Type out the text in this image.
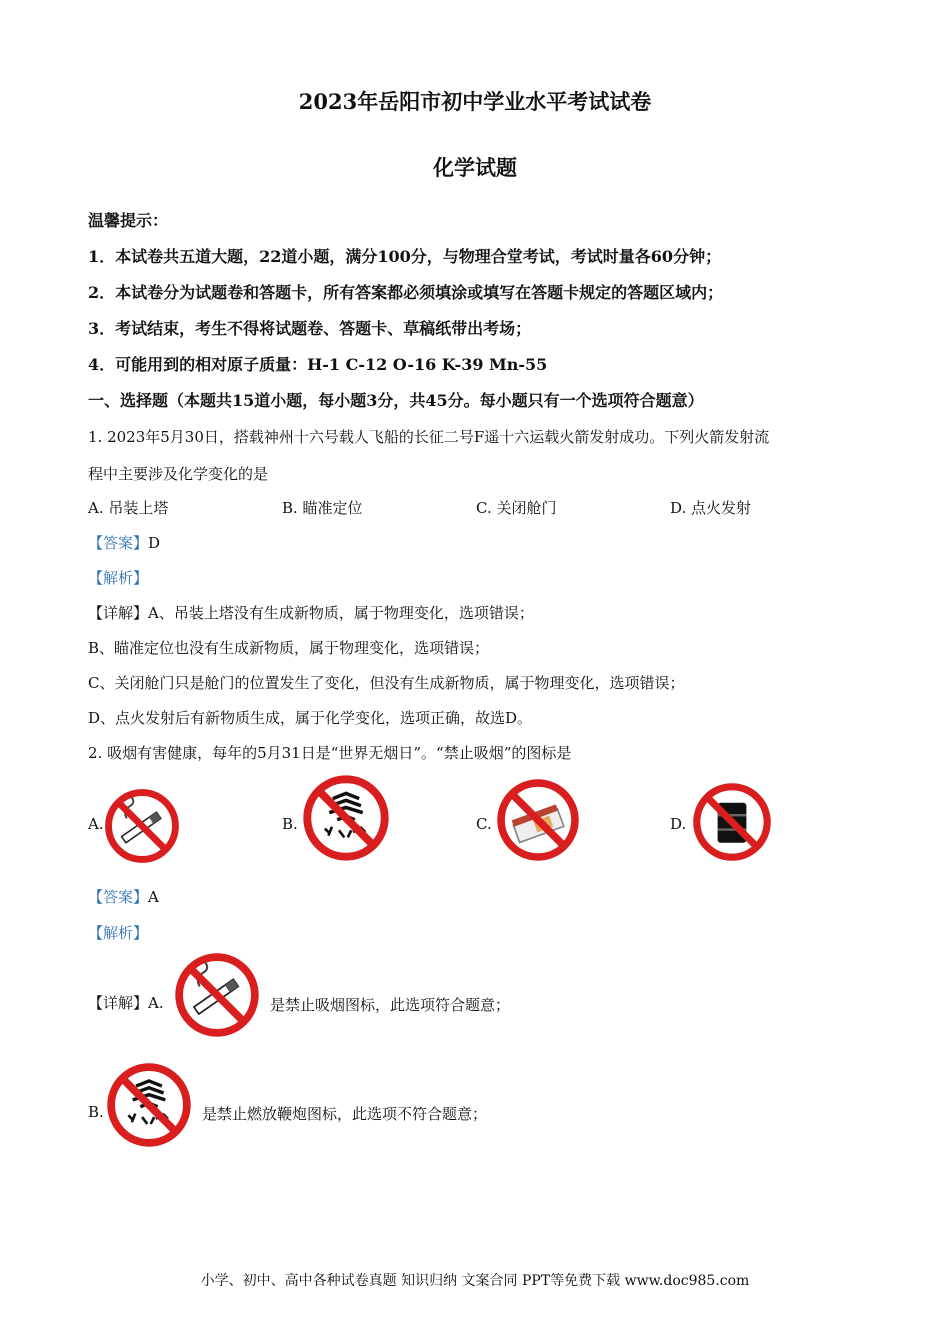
2023年岳阳市初中学业水平考试试卷
化学试题
温馨提示：
1．本试卷共五道大题，22道小题，满分100分，与物理合堂考试，考试时量各60分钟；
2．本试卷分为试题卷和答题卡，所有答案都必须填涂或填写在答题卡规定的答题区域内；
3．考试结束，考生不得将试题卷、答题卡、草稿纸带出考场；
4．可能用到的相对原子质量：H-1 C-12 O-16 K-39 Mn-55
一、选择题（本题共15道小题，每小题3分，共45分。每小题只有一个选项符合题意）
1. 2023年5月30日，搭载神州十六号载人飞船的长征二号F遥十六运载火箭发射成功。下列火箭发射流
程中主要涉及化学变化的是
A. 吊装上塔	B. 瞄准定位	C. 关闭舱门	D. 点火发射
【答案】D
【解析】
【详解】A、吊装上塔没有生成新物质，属于物理变化，选项错误；
B、瞄准定位也没有生成新物质，属于物理变化，选项错误；
C、关闭舱门只是舱门的位置发生了变化，但没有生成新物质，属于物理变化，选项错误；
D、点火发射后有新物质生成，属于化学变化，选项正确，故选D。
2. 吸烟有害健康，每年的5月31日是“世界无烟日”。“禁止吸烟”的图标是
A.	B.	C.	D.
【答案】A
【解析】
【详解】A.	是禁止吸烟图标，此选项符合题意；
B.	是禁止燃放鞭炮图标，此选项不符合题意；
小学、初中、高中各种试卷真题 知识归纳 文案合同 PPT等免费下载 www.doc985.com
